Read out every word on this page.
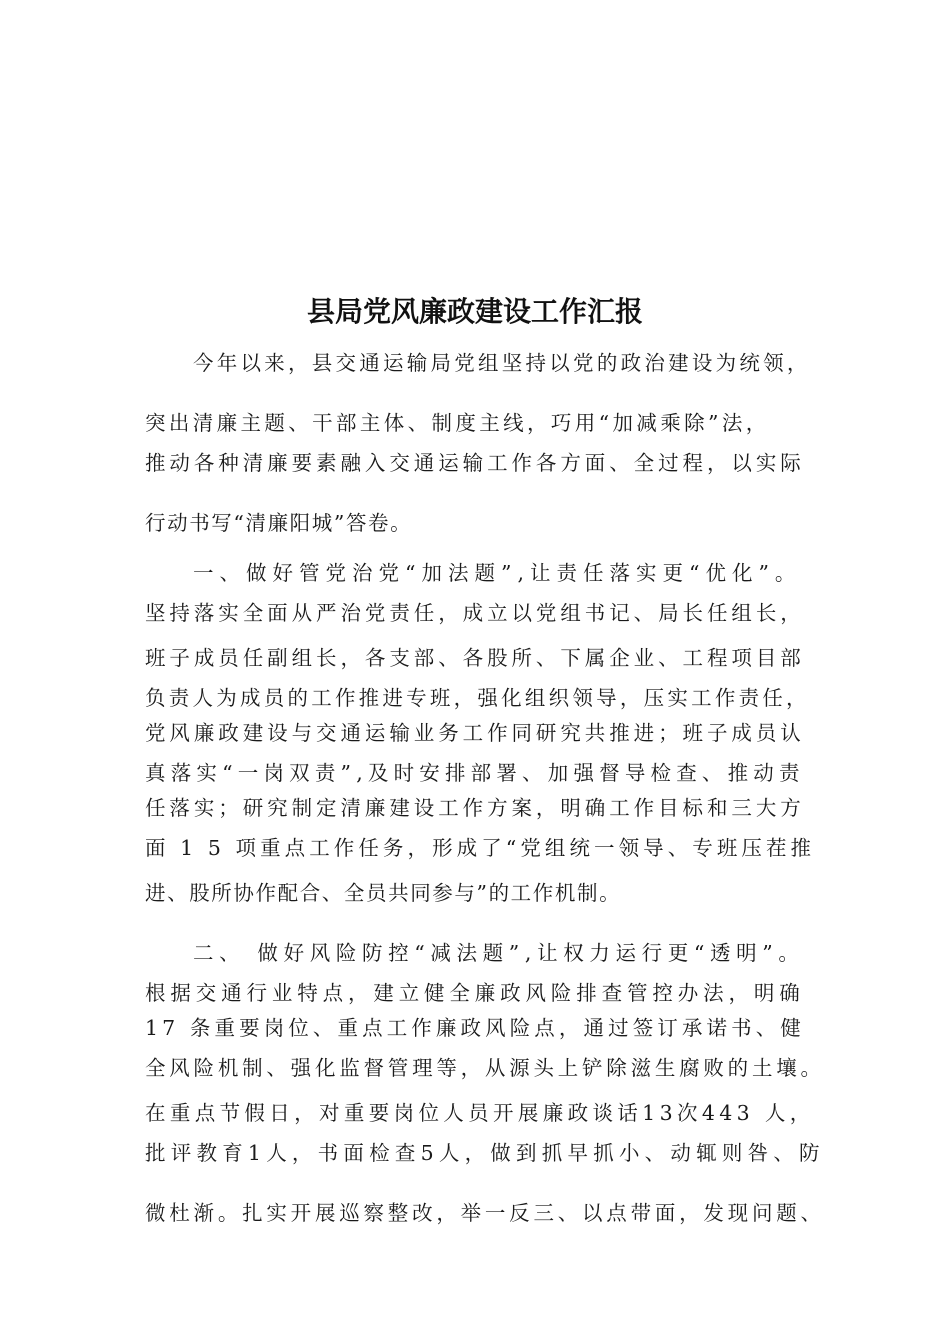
县局党风廉政建设工作汇报
今年以来，县交通运输局党组坚持以党的政治建设为统领，
突出清廉主题、干部主体、制度主线，巧用“加减乘除”法，
推动各种清廉要素融入交通运输工作各方面、全过程，以实际
行动书写“清廉阳城”答卷。
一、做好管党治党“加法题”,让责任落实更“优化”。
坚持落实全面从严治党责任，成立以党组书记、局长任组长，
班子成员任副组长，各支部、各股所、下属企业、工程项目部
负责人为成员的工作推进专班，强化组织领导，压实工作责任，
党风廉政建设与交通运输业务工作同研究共推进；班子成员认
真落实“一岗双责”,及时安排部署、加强督导检查、推动责
任落实；研究制定清廉建设工作方案，明确工作目标和三大方
面 1 5 项重点工作任务，形成了“党组统一领导、专班压茬推
进、股所协作配合、全员共同参与”的工作机制。
二、 做好风险防控“减法题”,让权力运行更“透明”。
根据交通行业特点，建立健全廉政风险排查管控办法，明确
17 条重要岗位、重点工作廉政风险点，通过签订承诺书、健
全风险机制、强化监督管理等，从源头上铲除滋生腐败的土壤。
在重点节假日，对重要岗位人员开展廉政谈话13次443 人，
批评教育1人，书面检查5人，做到抓早抓小、动辄则咎、防
微杜渐。扎实开展巡察整改，举一反三、以点带面，发现问题、
